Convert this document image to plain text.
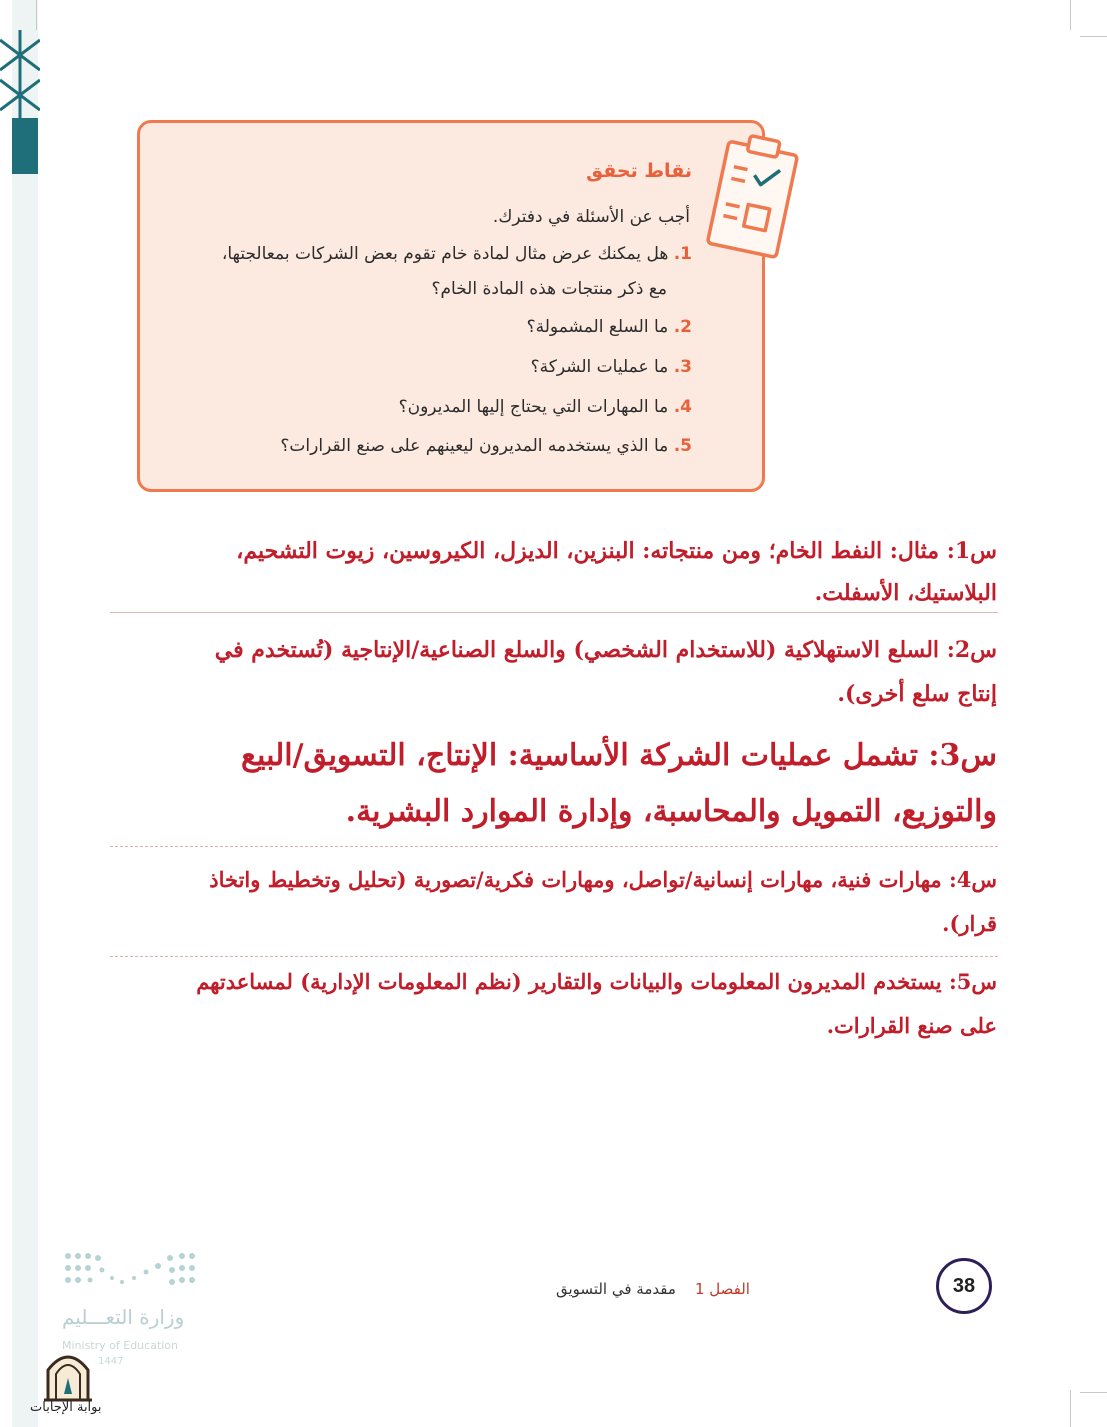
نقاط تحقق
أجب عن الأسئلة في دفترك.
1. هل يمكنك عرض مثال لمادة خام تقوم بعض الشركات بمعالجتها،
مع ذكر منتجات هذه المادة الخام؟
2. ما السلع المشمولة؟
3. ما عمليات الشركة؟
4. ما المهارات التي يحتاج إليها المديرون؟
5. ما الذي يستخدمه المديرون ليعينهم على صنع القرارات؟
س1: مثال: النفط الخام؛ ومن منتجاته: البنزين، الديزل، الكيروسين، زيوت التشحيم،
البلاستيك، الأسفلت.
س2: السلع الاستهلاكية (للاستخدام الشخصي) والسلع الصناعية/الإنتاجية (تُستخدم في
إنتاج سلع أخرى).
س3: تشمل عمليات الشركة الأساسية: الإنتاج، التسويق/البيع
والتوزيع، التمويل والمحاسبة، وإدارة الموارد البشرية.
س4: مهارات فنية، مهارات إنسانية/تواصل، ومهارات فكرية/تصورية (تحليل وتخطيط واتخاذ
قرار).
س5: يستخدم المديرون المعلومات والبيانات والتقارير (نظم المعلومات الإدارية) لمساعدتهم
على صنع القرارات.
38
الفصل 1    مقدمة في التسويق
وزارة التعـــليم
Ministry of Education
1447
بوابة الإجابات
